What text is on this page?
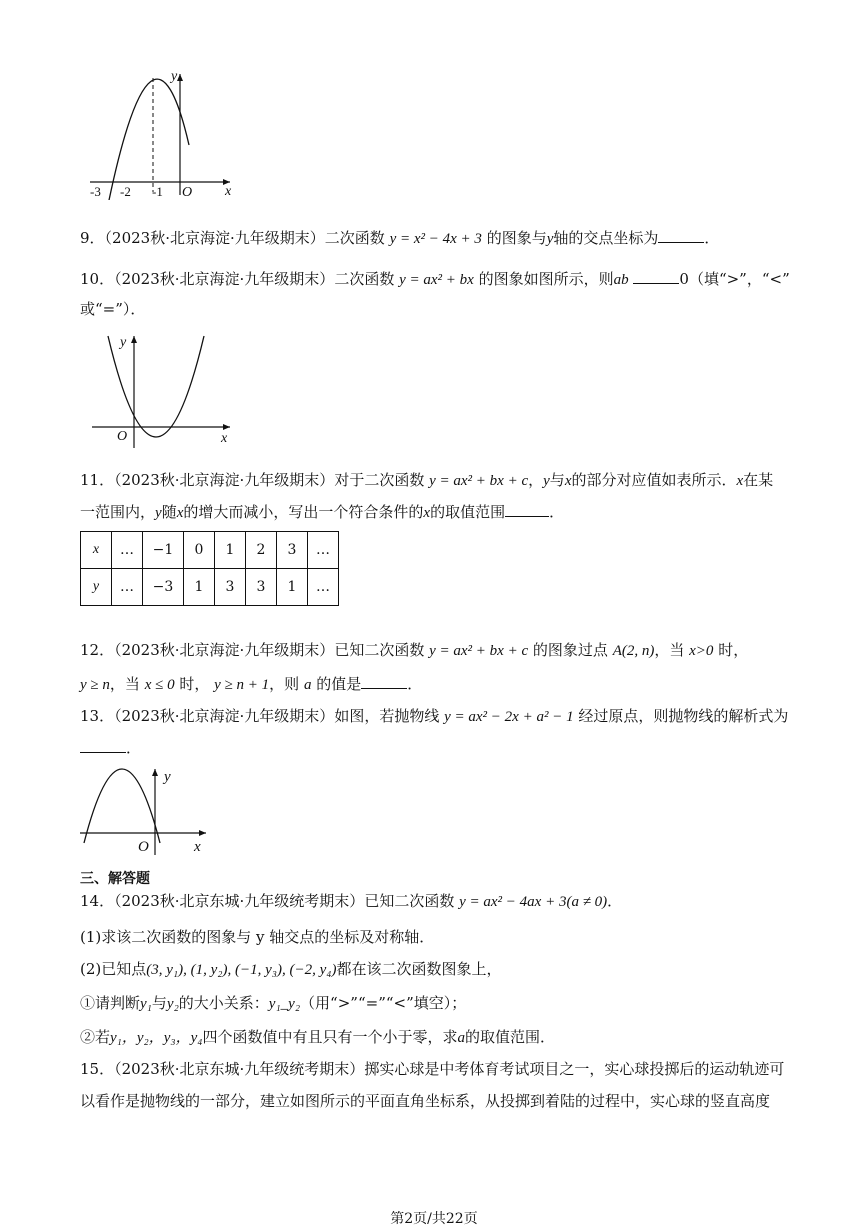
y
x
O
-3 -2 -1
9．（2023秋·北京海淀·九年级期末）二次函数 y = x² − 4x + 3 的图象与y轴的交点坐标为	．
10．（2023秋·北京海淀·九年级期末）二次函数 y = ax² + bx 的图象如图所示，则ab	0（填“>”，“<”
或“=”）．
y
x
O
11．（2023秋·北京海淀·九年级期末）对于二次函数 y = ax² + bx + c，y与x的部分对应值如表所示．x在某
一范围内，y随x的增大而减小，写出一个符合条件的x的取值范围	．
x	…	−1	0	1	2	3	…
y	…	−3	1	3	3	1	…
12．（2023秋·北京海淀·九年级期末）已知二次函数 y = ax² + bx + c 的图象过点 A(2, n)，当 x>0 时，
y ≥ n，当 x ≤ 0 时， y ≥ n + 1，则 a 的值是	．
13．（2023秋·北京海淀·九年级期末）如图，若抛物线 y = ax² − 2x + a² − 1 经过原点，则抛物线的解析式为
．
y
x
O
三、解答题
14．（2023秋·北京东城·九年级统考期末）已知二次函数 y = ax² − 4ax + 3(a ≠ 0)．
(1)求该二次函数的图象与 y 轴交点的坐标及对称轴．
(2)已知点(3, y₁), (1, y₂), (−1, y₃), (−2, y₄)都在该二次函数图象上，
①请判断y₁与y₂的大小关系：y₁_y₂（用“>”“=”“<”填空）；
②若y₁，y₂，y₃，y₄四个函数值中有且只有一个小于零，求a的取值范围．
15．（2023秋·北京东城·九年级统考期末）掷实心球是中考体育考试项目之一，实心球投掷后的运动轨迹可
以看作是抛物线的一部分，建立如图所示的平面直角坐标系，从投掷到着陆的过程中，实心球的竖直高度
第2页/共22页
